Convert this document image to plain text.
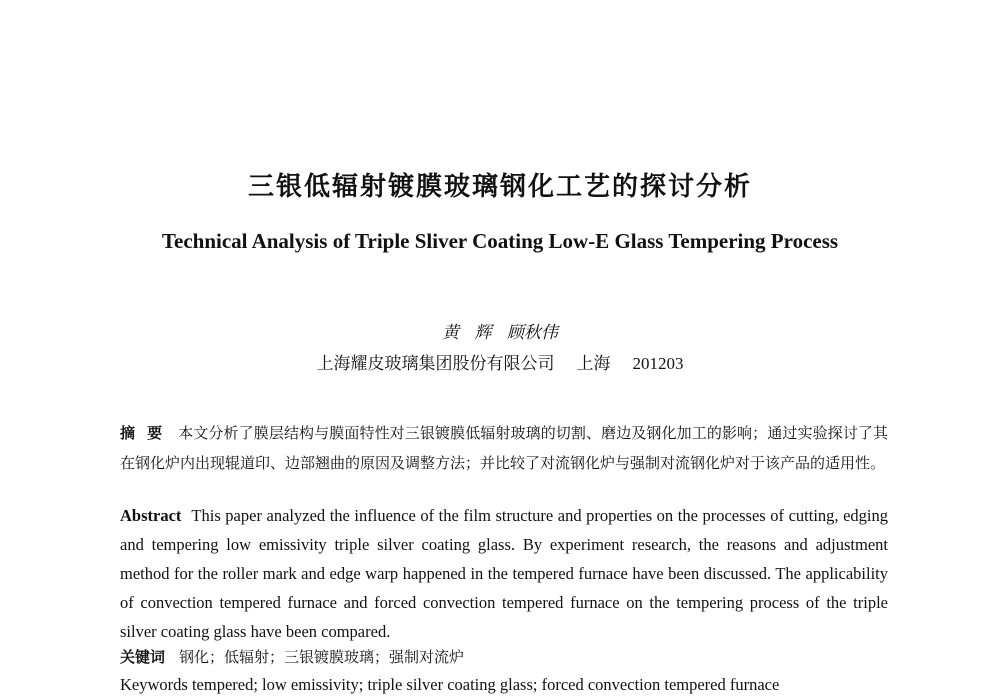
三银低辐射镀膜玻璃钢化工艺的探讨分析
Technical Analysis of Triple Sliver Coating Low-E Glass Tempering Process
黄 辉 顾秋伟
上海耀皮玻璃集团股份有限公司 上海 201203
摘要 本文分析了膜层结构与膜面特性对三银镀膜低辐射玻璃的切割、磨边及钢化加工的影响；通过实验探讨了其在钢化炉内出现辊道印、边部翘曲的原因及调整方法；并比较了对流钢化炉与强制对流钢化炉对于该产品的适用性。
Abstract This paper analyzed the influence of the film structure and properties on the processes of cutting, edging and tempering low emissivity triple silver coating glass. By experiment research, the reasons and adjustment method for the roller mark and edge warp happened in the tempered furnace have been discussed. The applicability of convection tempered furnace and forced convection tempered furnace on the tempering process of the triple silver coating glass have been compared.
关键词 钢化；低辐射；三银镀膜玻璃；强制对流炉
Keywords tempered; low emissivity; triple silver coating glass; forced convection tempered furnace
